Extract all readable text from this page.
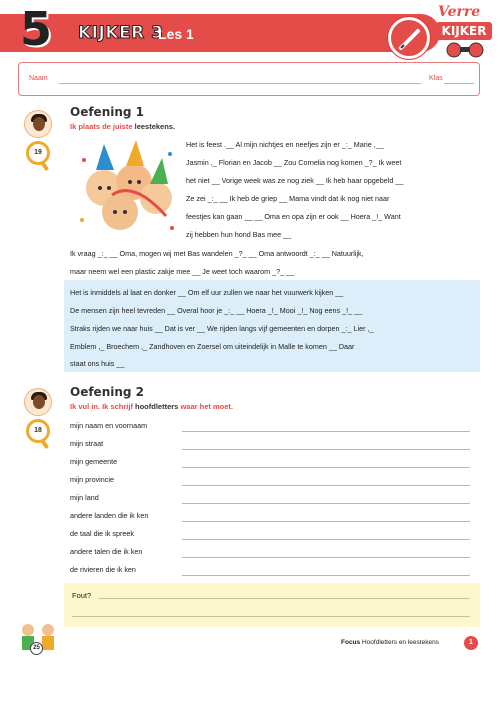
5	KIJKER 3
Les 1
Verre
KIJKER
Naam	Klas
19
Oefening 1
Ik plaats de juiste leestekens.
Het is feest .__ Al mijn nichtjes en neefjes zijn er _:_ Marie ,__
Jasmin ,_ Florian en Jacob __ Zou Cornelia nog komen _?_ Ik weet
het niet __ Vorige week was ze nog ziek __ Ik heb haar opgebeld __
Ze zei _:_ __ Ik heb de griep __ Mama vindt dat ik nog niet naar
feestjes kan gaan __ __ Oma en opa zijn er ook __ Hoera _!_ Want
zij hebben hun hond Bas mee __
Ik vraag _:_ __ Oma, mogen wij met Bas wandelen _?_ __ Oma antwoordt _:_ __ Natuurlijk,
maar neem wel een plastic zakje mee __ Je weet toch waarom _?_ __
Het is inmiddels al laat en donker __ Om elf uur zullen we naar het vuurwerk kijken __
De mensen zijn heel tevreden __ Overal hoor je _:_ __ Hoera _!_ Mooi _!_ Nog eens _!_ __
Straks rijden we naar huis __ Dat is ver __ We rijden langs vijf gemeenten en dorpen _:_ Lier ,_
Emblem ,_ Broechem ,_ Zandhoven en Zoersel om uiteindelijk in Malle te komen __ Daar
staat ons huis __
18
Oefening 2
Ik vul in. Ik schrijf hoofdletters waar het moet.
mijn naam en voornaam
mijn straat
mijn gemeente
mijn provincie
mijn land
andere landen die ik ken
de taal die ik spreek
andere talen die ik ken
de rivieren die ik ken
Fout?
25
Focus Hoofdletters en leestekens	1
